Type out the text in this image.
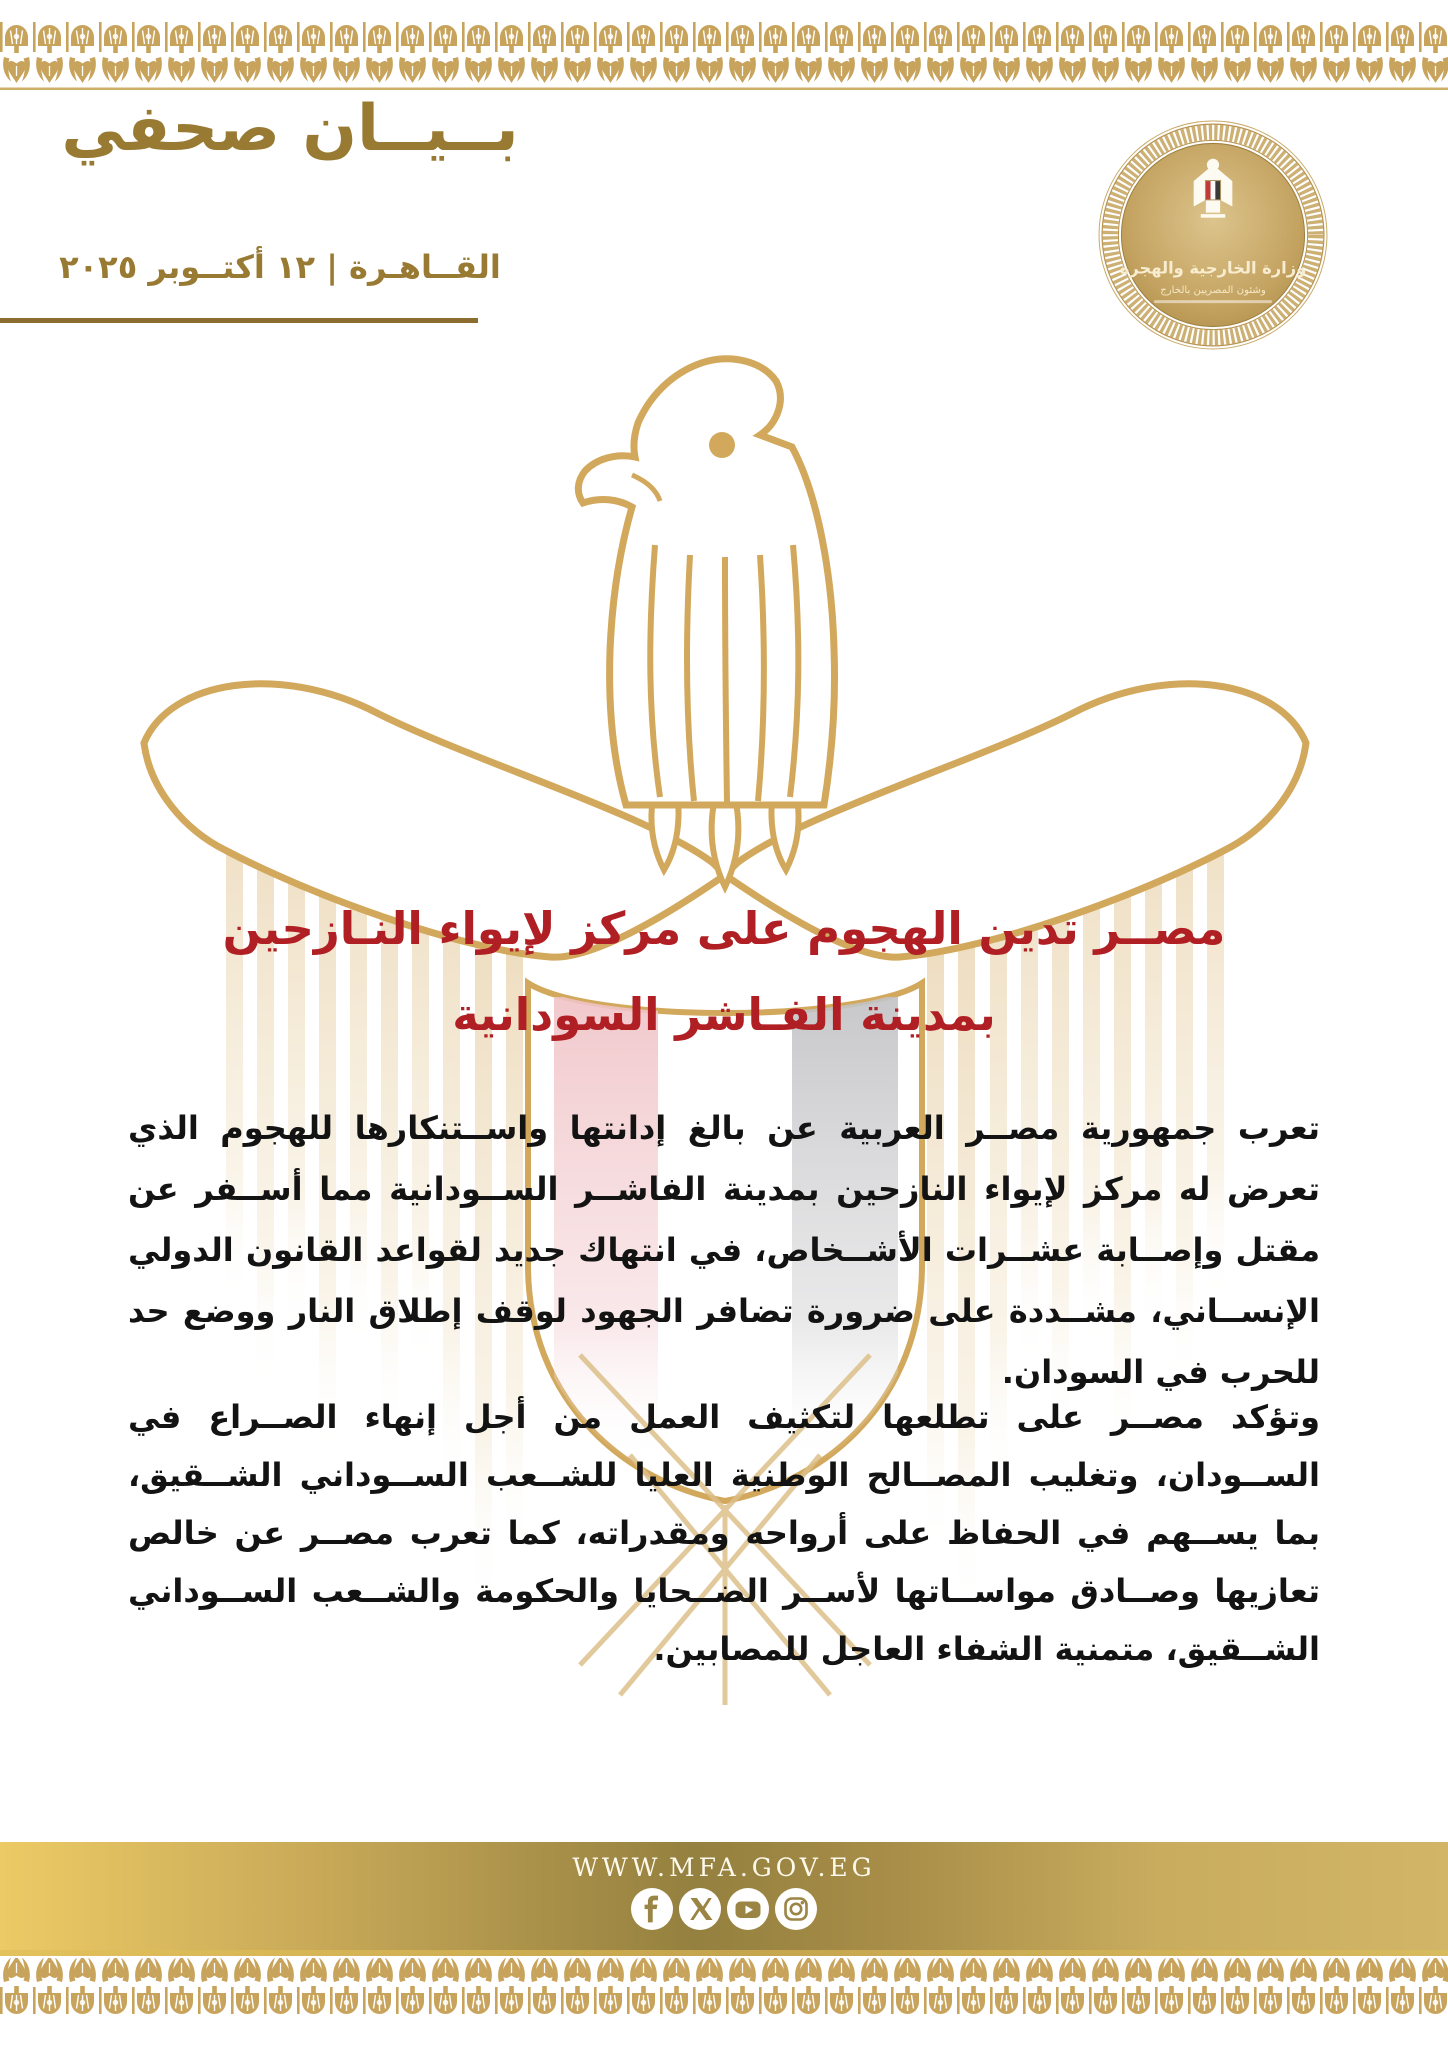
بــيــان صحفي
القــاهـرة | ١٢ أكتــوبر ٢٠٢٥	وزارة الخارجية والهجرة
وشئون المصريين بالخارج
مصــر تدين الهجوم على مركز لإيواء النـازحين
بمدينة الفـاشر السودانية
تعرب جمهورية مصــر العربية عن بالغ إدانتها واســتنكارها للهجوم الذي تعرض له مركز لإيواء النازحين بمدينة الفاشــر الســودانية مما أســفر عن مقتل وإصــابة عشــرات الأشــخاص، في انتهاك جديد لقواعد القانون الدولي الإنســاني، مشــددة على ضرورة تضافر الجهود لوقف إطلاق النار ووضع حد للحرب في السودان.
وتؤكد مصــر على تطلعها لتكثيف العمل من أجل إنهاء الصــراع في الســودان، وتغليب المصــالح الوطنية العليا للشــعب الســوداني الشــقيق، بما يســهم في الحفاظ على أرواحه ومقدراته، كما تعرب مصــر عن خالص تعازيها وصــادق مواســاتها لأســر الضــحايا والحكومة والشــعب الســوداني الشــقيق، متمنية الشفاء العاجل للمصابين.
WWW.MFA.GOV.EG
